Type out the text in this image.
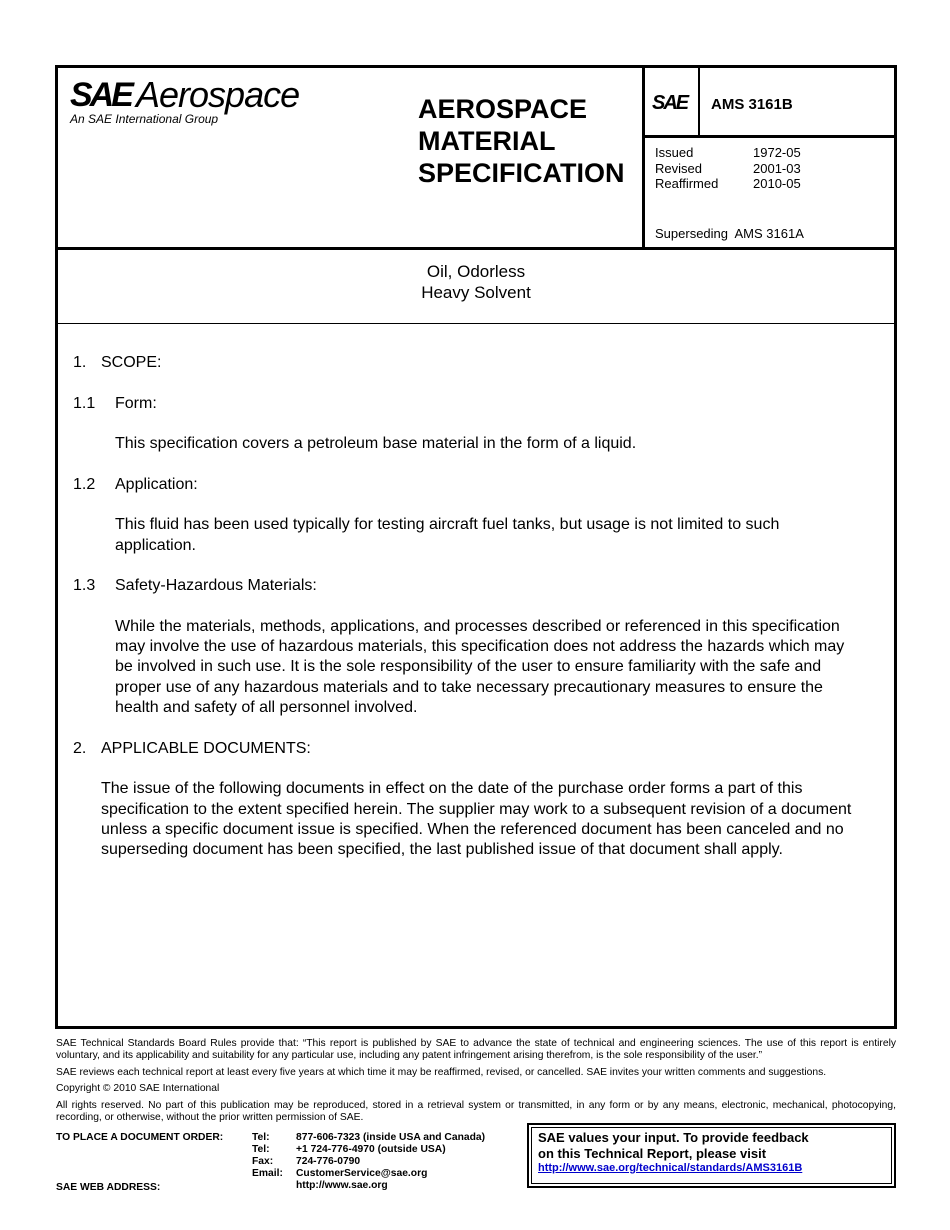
SAE Aerospace
An SAE International Group	AEROSPACE
MATERIAL
SPECIFICATION
SAE AMS 3161B
Issued	1972-05
Revised	2001-03
Reaffirmed	2010-05
Superseding  AMS 3161A
Oil, Odorless
Heavy Solvent

1. SCOPE:

1.1	Form:

This specification covers a petroleum base material in the form of a liquid.

1.2	Application:

This fluid has been used typically for testing aircraft fuel tanks, but usage is not limited to such application.

1.3	Safety-Hazardous Materials:

While the materials, methods, applications, and processes described or referenced in this specification may involve the use of hazardous materials, this specification does not address the hazards which may be involved in such use. It is the sole responsibility of the user to ensure familiarity with the safe and proper use of any hazardous materials and to take necessary precautionary measures to ensure the health and safety of all personnel involved.

2. APPLICABLE DOCUMENTS:

The issue of the following documents in effect on the date of the purchase order forms a part of this specification to the extent specified herein. The supplier may work to a subsequent revision of a document unless a specific document issue is specified. When the referenced document has been canceled and no superseding document has been specified, the last published issue of that document shall apply.

SAE Technical Standards Board Rules provide that: “This report is published by SAE to advance the state of technical and engineering sciences. The use of this report is entirely voluntary, and its applicability and suitability for any particular use, including any patent infringement arising therefrom, is the sole responsibility of the user.”

SAE reviews each technical report at least every five years at which time it may be reaffirmed, revised, or cancelled. SAE invites your written comments and suggestions.

Copyright © 2010 SAE International

All rights reserved. No part of this publication may be reproduced, stored in a retrieval system or transmitted, in any form or by any means, electronic, mechanical, photocopying, recording, or otherwise, without the prior written permission of SAE.

TO PLACE A DOCUMENT ORDER:
SAE WEB ADDRESS:
Tel:	877-606-7323 (inside USA and Canada)
Tel:	+1 724-776-4970 (outside USA)
Fax:	724-776-0790
Email:	CustomerService@sae.org
http://www.sae.org
SAE values your input. To provide feedback
on this Technical Report, please visit
http://www.sae.org/technical/standards/AMS3161B
